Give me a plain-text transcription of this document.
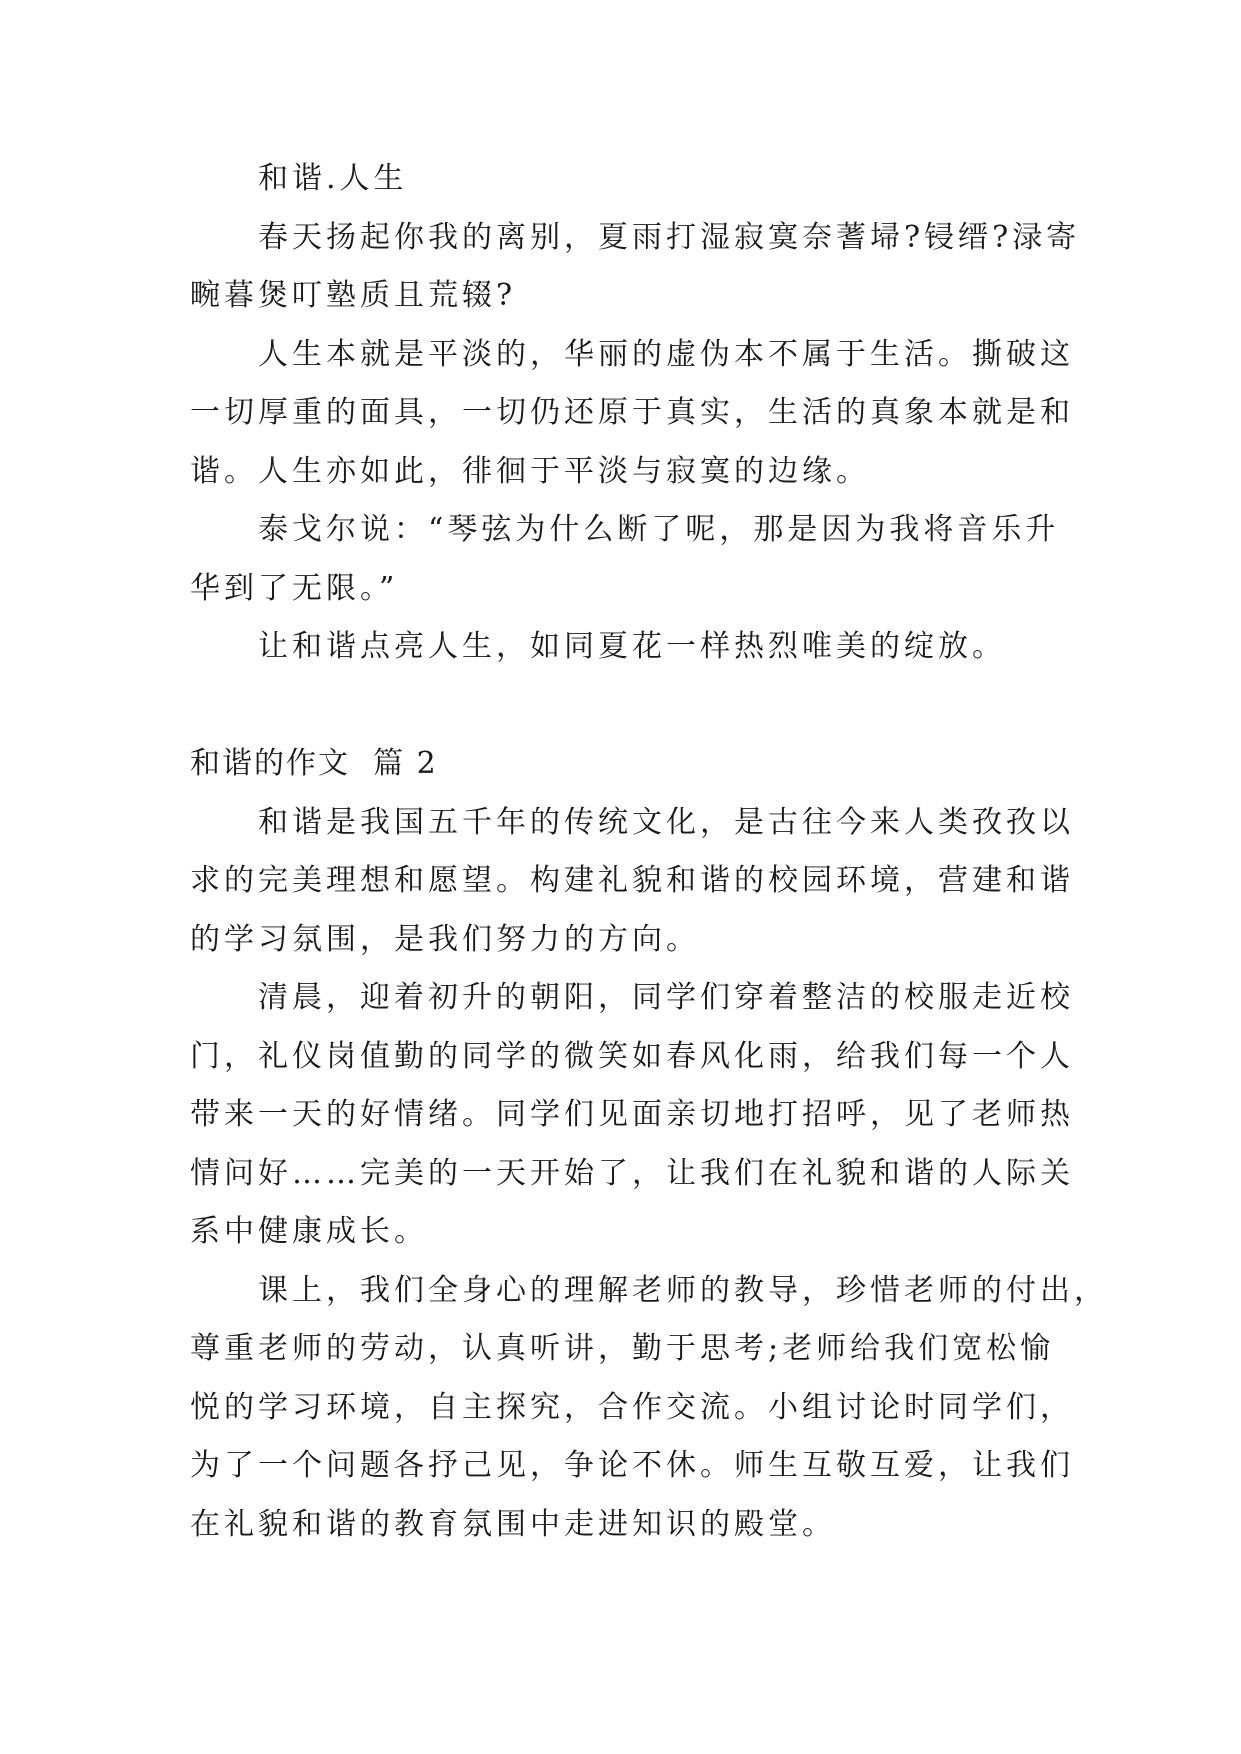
和谐.人生
春天扬起你我的离别，夏雨打湿寂寞奈蓍埽?锓缙?渌寄
畹暮煲叮塾质且荒辍?
人生本就是平淡的，华丽的虚伪本不属于生活。撕破这
一切厚重的面具，一切仍还原于真实，生活的真象本就是和
谐。人生亦如此，徘徊于平淡与寂寞的边缘。
泰戈尔说：“琴弦为什么断了呢，那是因为我将音乐升
华到了无限。”
让和谐点亮人生，如同夏花一样热烈唯美的绽放。
和谐的作文  篇 2
和谐是我国五千年的传统文化，是古往今来人类孜孜以
求的完美理想和愿望。构建礼貌和谐的校园环境，营建和谐
的学习氛围，是我们努力的方向。
清晨，迎着初升的朝阳，同学们穿着整洁的校服走近校
门，礼仪岗值勤的同学的微笑如春风化雨，给我们每一个人
带来一天的好情绪。同学们见面亲切地打招呼，见了老师热
情问好……完美的一天开始了，让我们在礼貌和谐的人际关
系中健康成长。
课上，我们全身心的理解老师的教导，珍惜老师的付出，
尊重老师的劳动，认真听讲，勤于思考;老师给我们宽松愉
悦的学习环境，自主探究，合作交流。小组讨论时同学们，
为了一个问题各抒己见，争论不休。师生互敬互爱，让我们
在礼貌和谐的教育氛围中走进知识的殿堂。
